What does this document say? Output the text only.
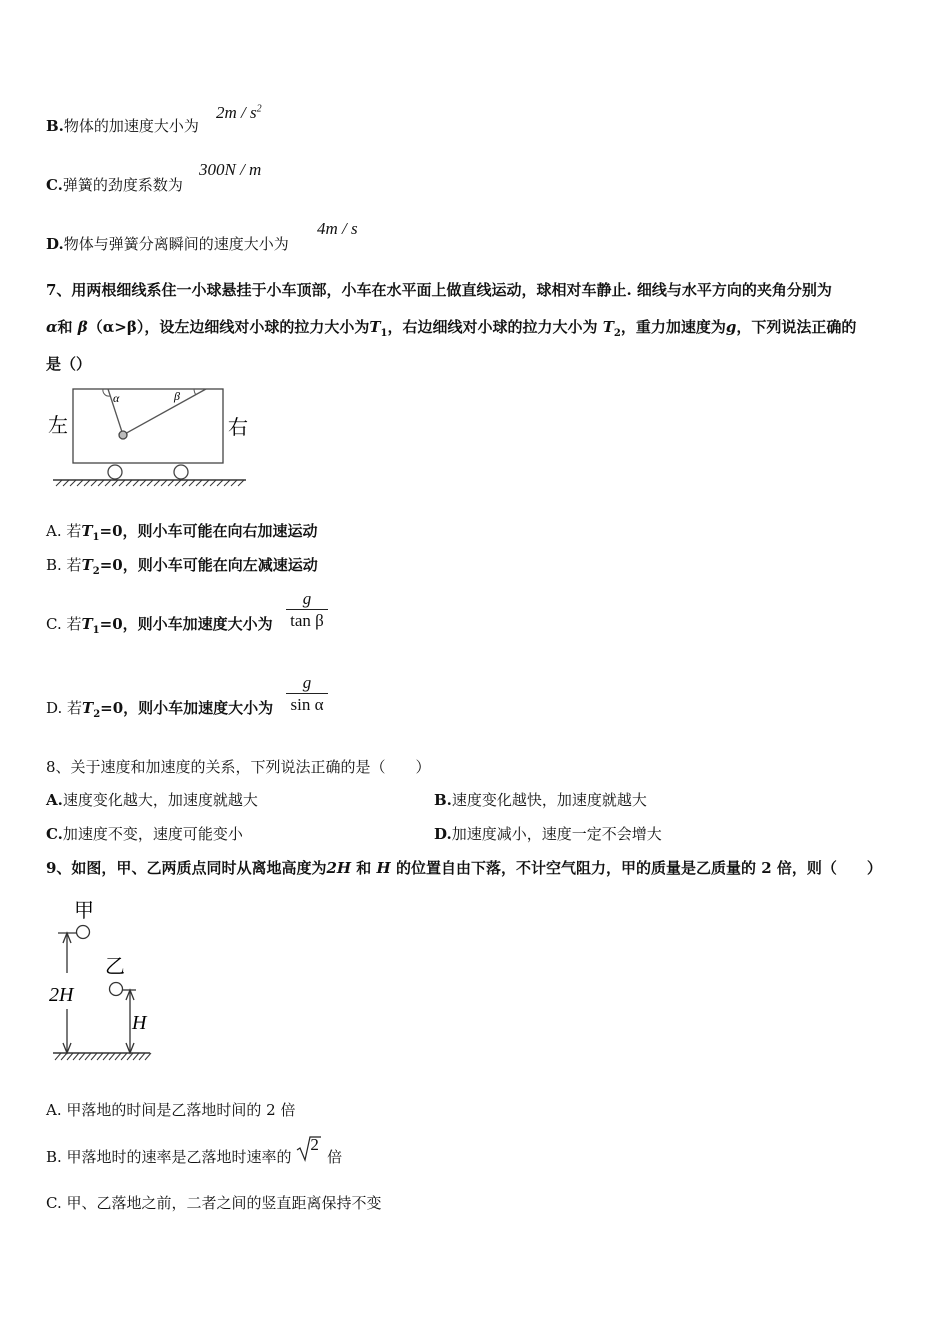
B.物体的加速度大小为
$2m / s^2$
C.弹簧的劲度系数为
300N / m
D.物体与弹簧分离瞬间的速度大小为
4m / s
7、用两根细线系住一小球悬挂于小车顶部，小车在水平面上做直线运动，球相对车静止. 细线与水平方向的夹角分别为
α和 β（α>β），设左边细线对小球的拉力大小为$T_1$，右边细线对小球的拉力大小为 $T_2$，重力加速度为g，下列说法正确的
是（）
左	右
α	β
A. 若$T_1=0$，则小车可能在向右加速运动
B. 若$T_2=0$，则小车可能在向左减速运动
C. 若$T_1=0$，则小车加速度大小为
g
tan β
D. 若$T_2=0$，则小车加速度大小为
g
sin α
8、关于速度和加速度的关系，下列说法正确的是（　　）
A.速度变化越大，加速度就越大	B.速度变化越快，加速度就越大
C.加速度不变，速度可能变小	D.加速度减小，速度一定不会增大
9、如图，甲、乙两质点同时从离地高度为2H 和 H 的位置自由下落，不计空气阻力，甲的质量是乙质量的 2 倍，则（　　）
甲
2H
乙
H
A. 甲落地的时间是乙落地时间的 2 倍
B. 甲落地时的速率是乙落地时速率的
2
倍
C. 甲、乙落地之前，二者之间的竖直距离保持不变
